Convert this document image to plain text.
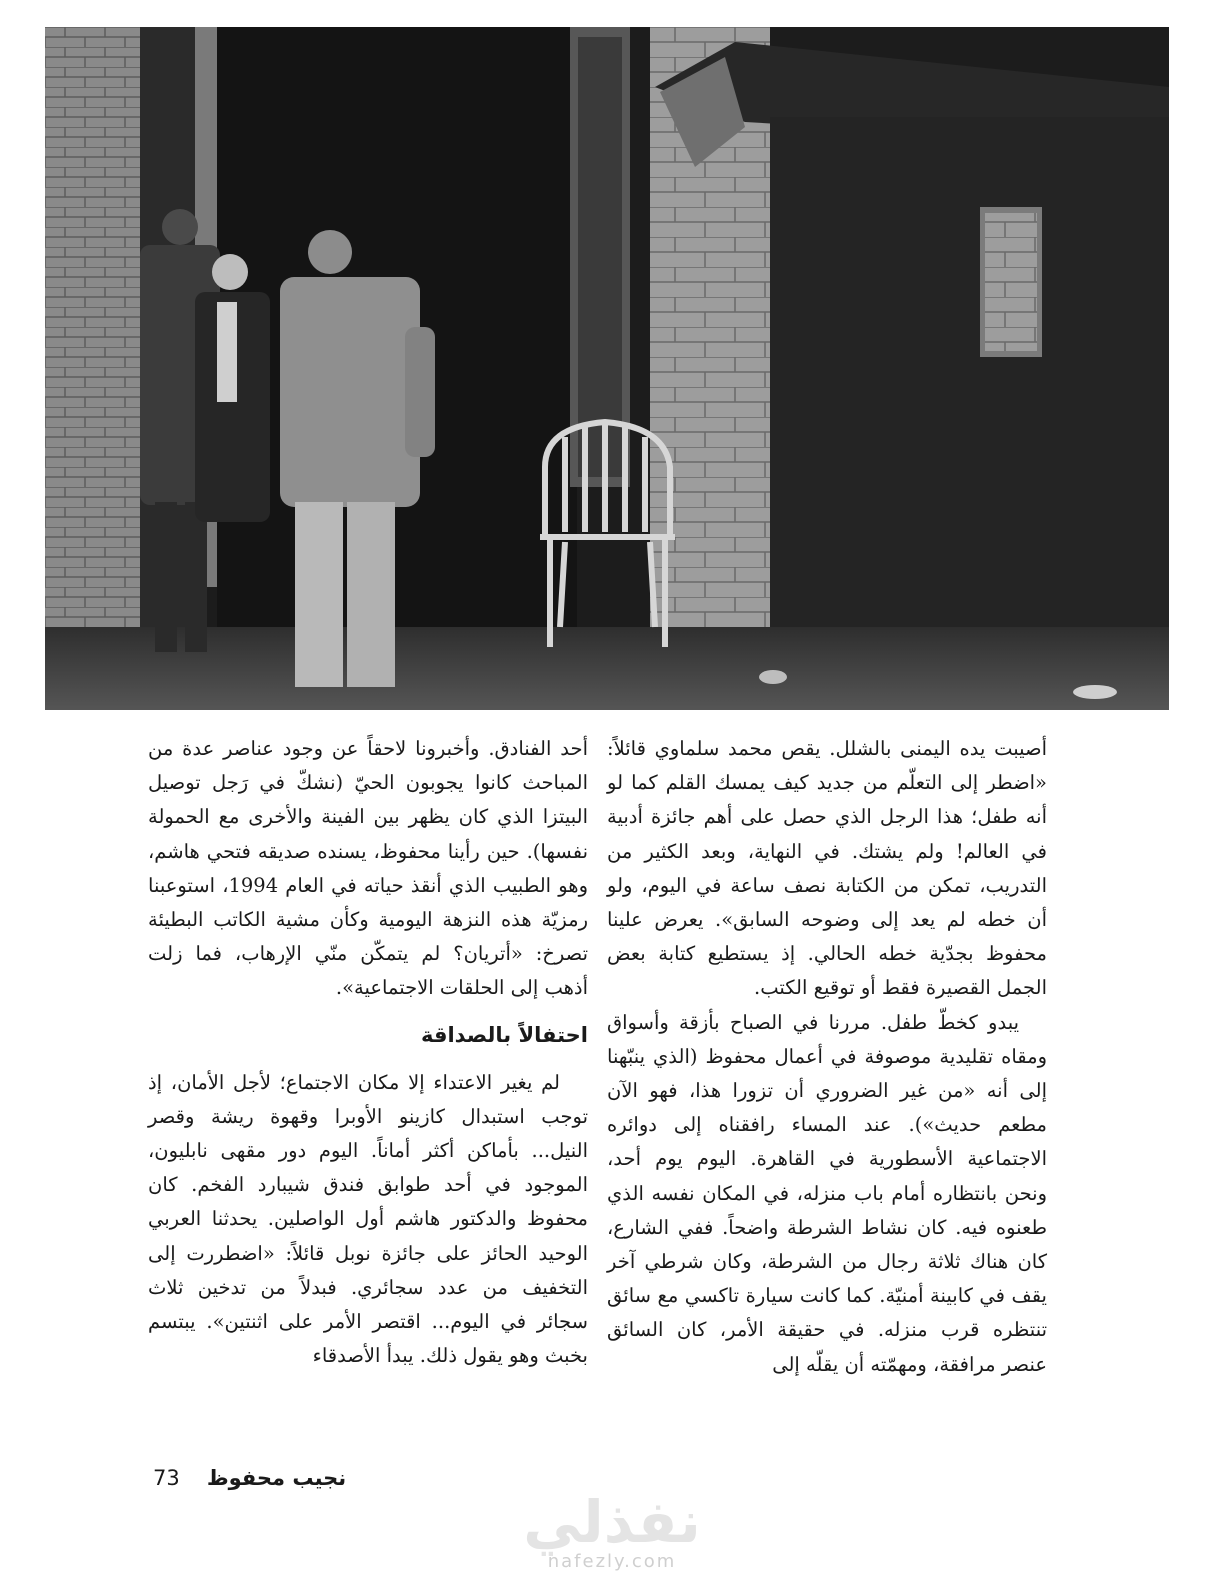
أصيبت يده اليمنى بالشلل. يقص محمد سلماوي قائلاً: «اضطر إلى التعلّم من جديد كيف يمسك القلم كما لو أنه طفل؛ هذا الرجل الذي حصل على أهم جائزة أدبية في العالم! ولم يشتك. في النهاية، وبعد الكثير من التدريب، تمكن من الكتابة نصف ساعة في اليوم، ولو أن خطه لم يعد إلى وضوحه السابق». يعرض علينا محفوظ بجدّية خطه الحالي. إذ يستطيع كتابة بعض الجمل القصيرة فقط أو توقيع الكتب.

يبدو كخطّ طفل. مررنا في الصباح بأزقة وأسواق ومقاه تقليدية موصوفة في أعمال محفوظ (الذي ينبّهنا إلى أنه «من غير الضروري أن تزورا هذا، فهو الآن مطعم حديث»). عند المساء رافقناه إلى دوائره الاجتماعية الأسطورية في القاهرة. اليوم يوم أحد، ونحن بانتظاره أمام باب منزله، في المكان نفسه الذي طعنوه فيه. كان نشاط الشرطة واضحاً. ففي الشارع، كان هناك ثلاثة رجال من الشرطة، وكان شرطي آخر يقف في كابينة أمنيّة. كما كانت سيارة تاكسي مع سائق تنتظره قرب منزله. في حقيقة الأمر، كان السائق عنصر مرافقة، ومهمّته أن يقلّه إلى

أحد الفنادق. وأخبرونا لاحقاً عن وجود عناصر عدة من المباحث كانوا يجوبون الحيّ (نشكّ في رَجل توصيل البيتزا الذي كان يظهر بين الفينة والأخرى مع الحمولة نفسها). حين رأينا محفوظ، يسنده صديقه فتحي هاشم، وهو الطبيب الذي أنقذ حياته في العام 1994، استوعبنا رمزيّة هذه النزهة اليومية وكأن مشية الكاتب البطيئة تصرخ: «أتريان؟ لم يتمكّن منّي الإرهاب، فما زلت أذهب إلى الحلقات الاجتماعية».

احتفالاً بالصداقة

لم يغير الاعتداء إلا مكان الاجتماع؛ لأجل الأمان، إذ توجب استبدال كازينو الأوبرا وقهوة ريشة وقصر النيل... بأماكن أكثر أماناً. اليوم دور مقهى نابليون، الموجود في أحد طوابق فندق شيبارد الفخم. كان محفوظ والدكتور هاشم أول الواصلين. يحدثنا العربي الوحيد الحائز على جائزة نوبل قائلاً: «اضطررت إلى التخفيف من عدد سجائري. فبدلاً من تدخين ثلاث سجائر في اليوم... اقتصر الأمر على اثنتين». يبتسم بخبث وهو يقول ذلك. يبدأ الأصدقاء

نجيب محفوظ 73
نفذلي
nafezly.com
